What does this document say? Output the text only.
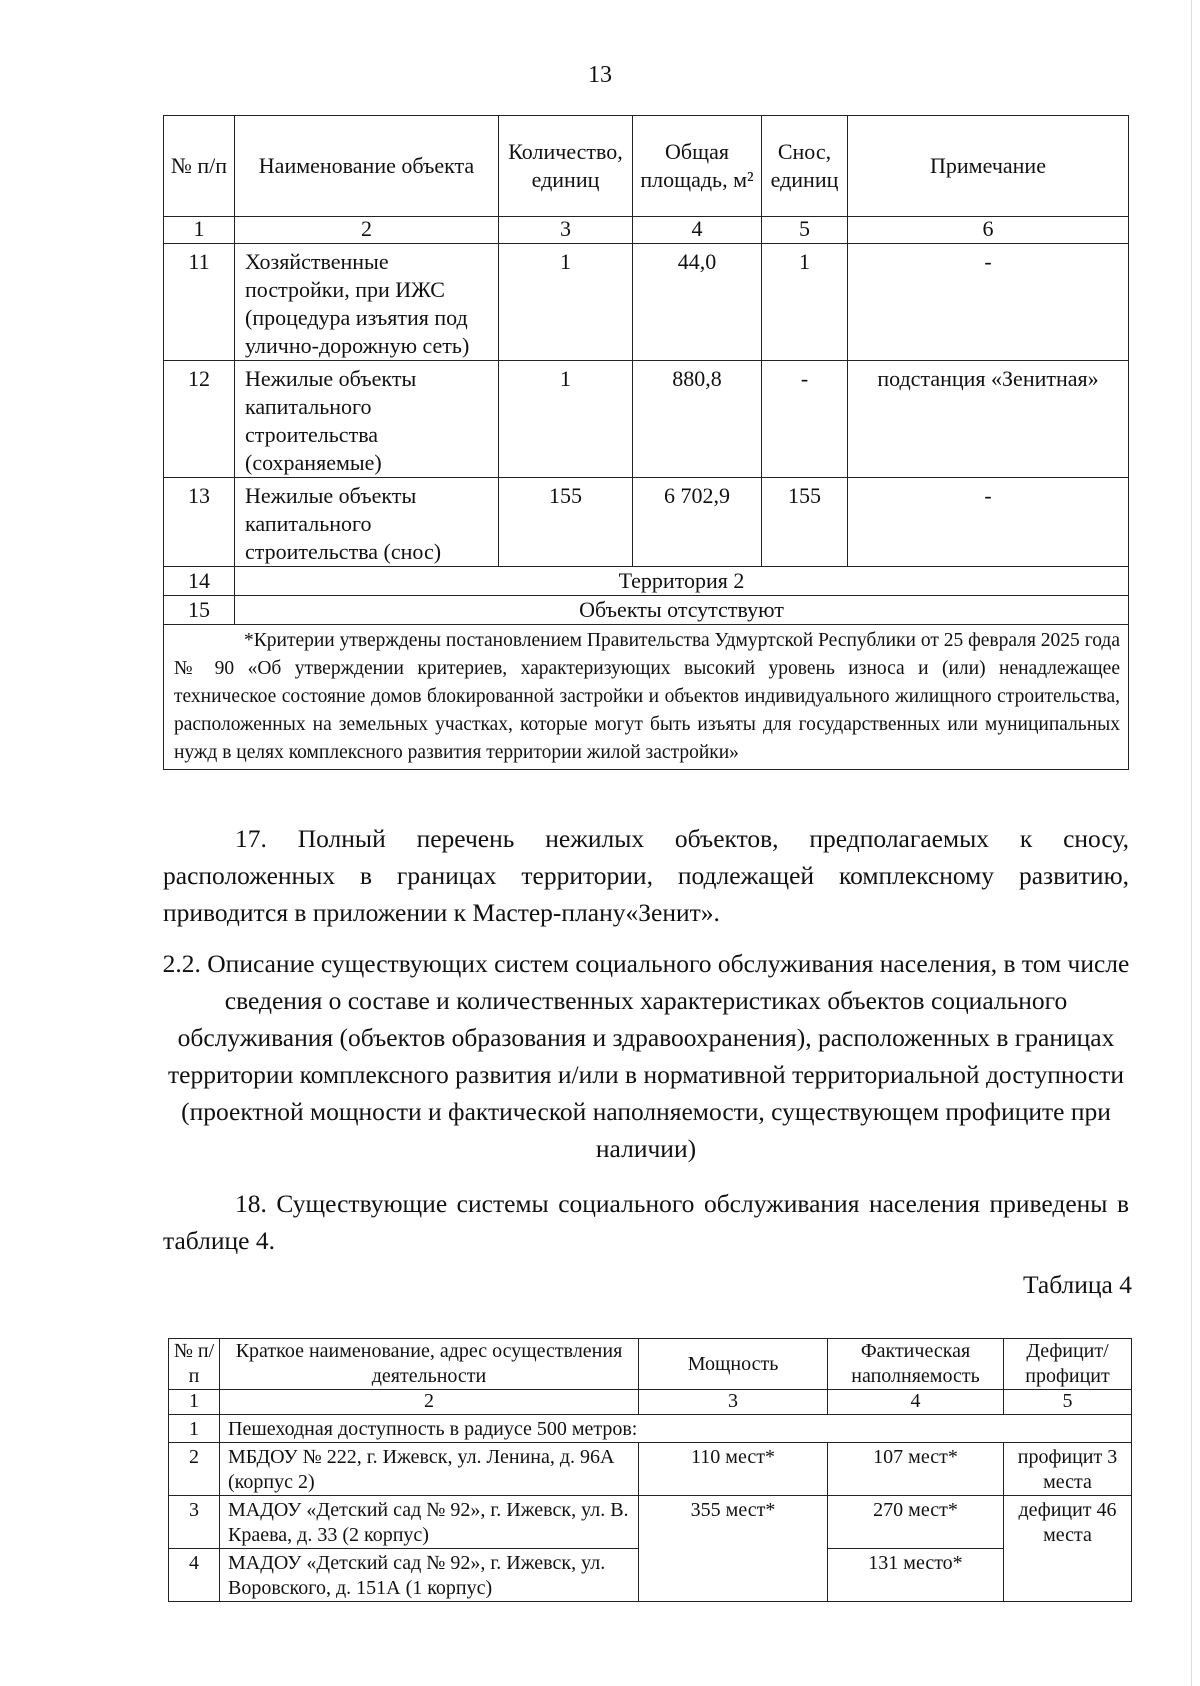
13
№ п/п	Наименование объекта	Количество, единиц	Общая площадь, м²	Снос, единиц	Примечание
1	2	3	4	5	6
11	Хозяйственные постройки, при ИЖС (процедура изъятия под улично-дорожную сеть)	1	44,0	1	-
12	Нежилые объекты капитального строительства (сохраняемые)	1	880,8	-	подстанция «Зенитная»
13	Нежилые объекты капитального строительства (снос)	155	6 702,9	155	-
14	Территория 2				
15	Объекты отсутствуют				
*Критерии утверждены постановлением Правительства Удмуртской Республики от 25 февраля 2025 года № 90 «Об утверждении критериев, характеризующих высокий уровень износа и (или) ненадлежащее техническое состояние домов блокированной застройки и объектов индивидуального жилищного строительства, расположенных на земельных участках, которые могут быть изъяты для государственных или муниципальных нужд в целях комплексного развития территории жилой застройки»					
17. Полный перечень нежилых объектов, предполагаемых к сносу, расположенных в границах территории, подлежащей комплексному развитию, приводится в приложении к Мастер-плану«Зенит».
2.2. Описание существующих систем социального обслуживания населения, в том числе сведения о составе и количественных характеристиках объектов социального обслуживания (объектов образования и здравоохранения), расположенных в границах территории комплексного развития и/или в нормативной территориальной доступности (проектной мощности и фактической наполняемости, существующем профиците при наличии)
18. Существующие системы социального обслуживания населения приведены в таблице 4.
Таблица 4
№ п/п	Краткое наименование, адрес осуществления деятельности	Мощность	Фактическая наполняемость	Дефицит/ профицит
1	2	3	4	5
1	Пешеходная доступность в радиусе 500 метров:			
2	МБДОУ № 222, г. Ижевск, ул. Ленина, д. 96А (корпус 2)	110 мест*	107 мест*	профицит 3 места
3	МАДОУ «Детский сад № 92», г. Ижевск, ул. В. Краева, д. 33 (2 корпус)	355 мест*	270 мест*	дефицит 46 места
4	МАДОУ «Детский сад № 92», г. Ижевск, ул. Воровского, д. 151А (1 корпус)		131 место*	
